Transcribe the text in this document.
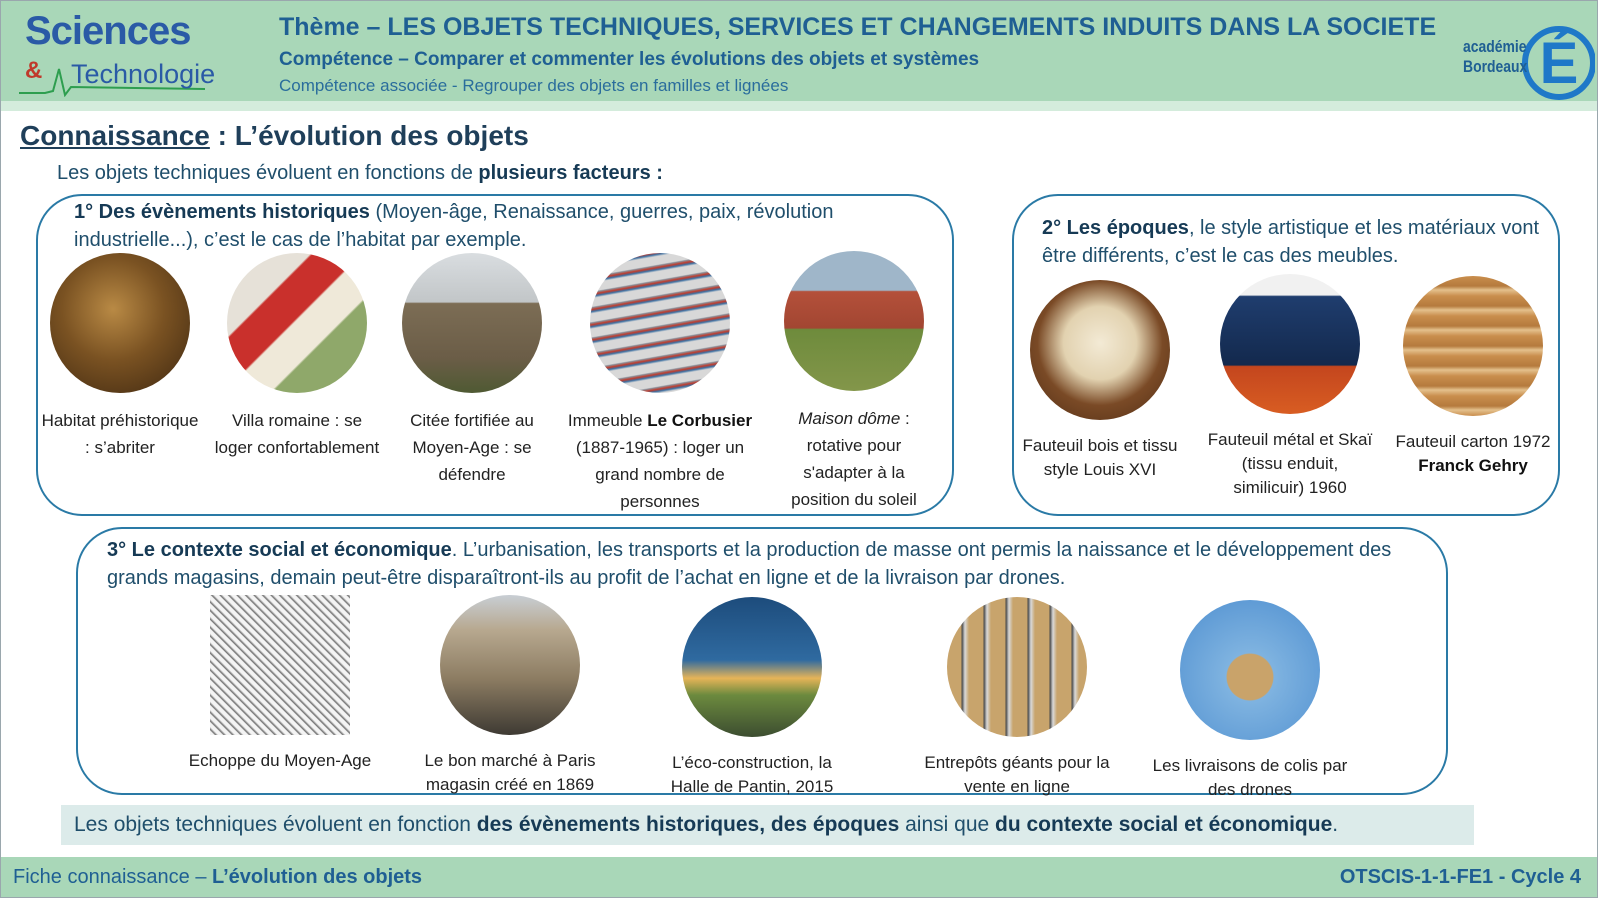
Sciences
& Technologie
Thème – LES OBJETS TECHNIQUES, SERVICES ET CHANGEMENTS INDUITS DANS LA SOCIETE
Compétence – Comparer et commenter les évolutions des objets et systèmes
Compétence associée - Regrouper des objets en familles et lignées	É
académie
Bordeaux
Connaissance : L’évolution des objets
Les objets techniques évoluent en fonctions de plusieurs facteurs :
1° Des évènements historiques (Moyen-âge, Renaissance, guerres, paix, révolution industrielle...), c’est le cas de l’habitat par exemple.
Habitat préhistorique : s’abriter
Villa romaine : se loger confortablement
Citée fortifiée au Moyen-Age : se défendre
Immeuble Le Corbusier (1887-1965) : loger un grand nombre de personnes
Maison dôme : rotative pour s'adapter à la position du soleil
2° Les époques, le style artistique et les matériaux vont être différents, c’est le cas des meubles.
Fauteuil bois et tissu style Louis XVI
Fauteuil métal et Skaï (tissu enduit, similicuir) 1960
Fauteuil carton 1972 Franck Gehry
3° Le contexte social et économique. L’urbanisation, les transports et la production de masse ont permis la naissance et le développement des grands magasins, demain peut-être disparaîtront-ils au profit de l’achat en ligne et de la livraison par drones.
Echoppe du Moyen-Age	Le bon marché à Paris magasin créé en 1869
L’éco-construction, la Halle de Pantin, 2015
Entrepôts géants pour la vente en ligne
Les livraisons de colis par des drones
Les objets techniques évoluent en fonction des évènements historiques, des époques ainsi que du contexte social et économique.
Fiche connaissance – L’évolution des objets	OTSCIS-1-1-FE1 - Cycle 4
